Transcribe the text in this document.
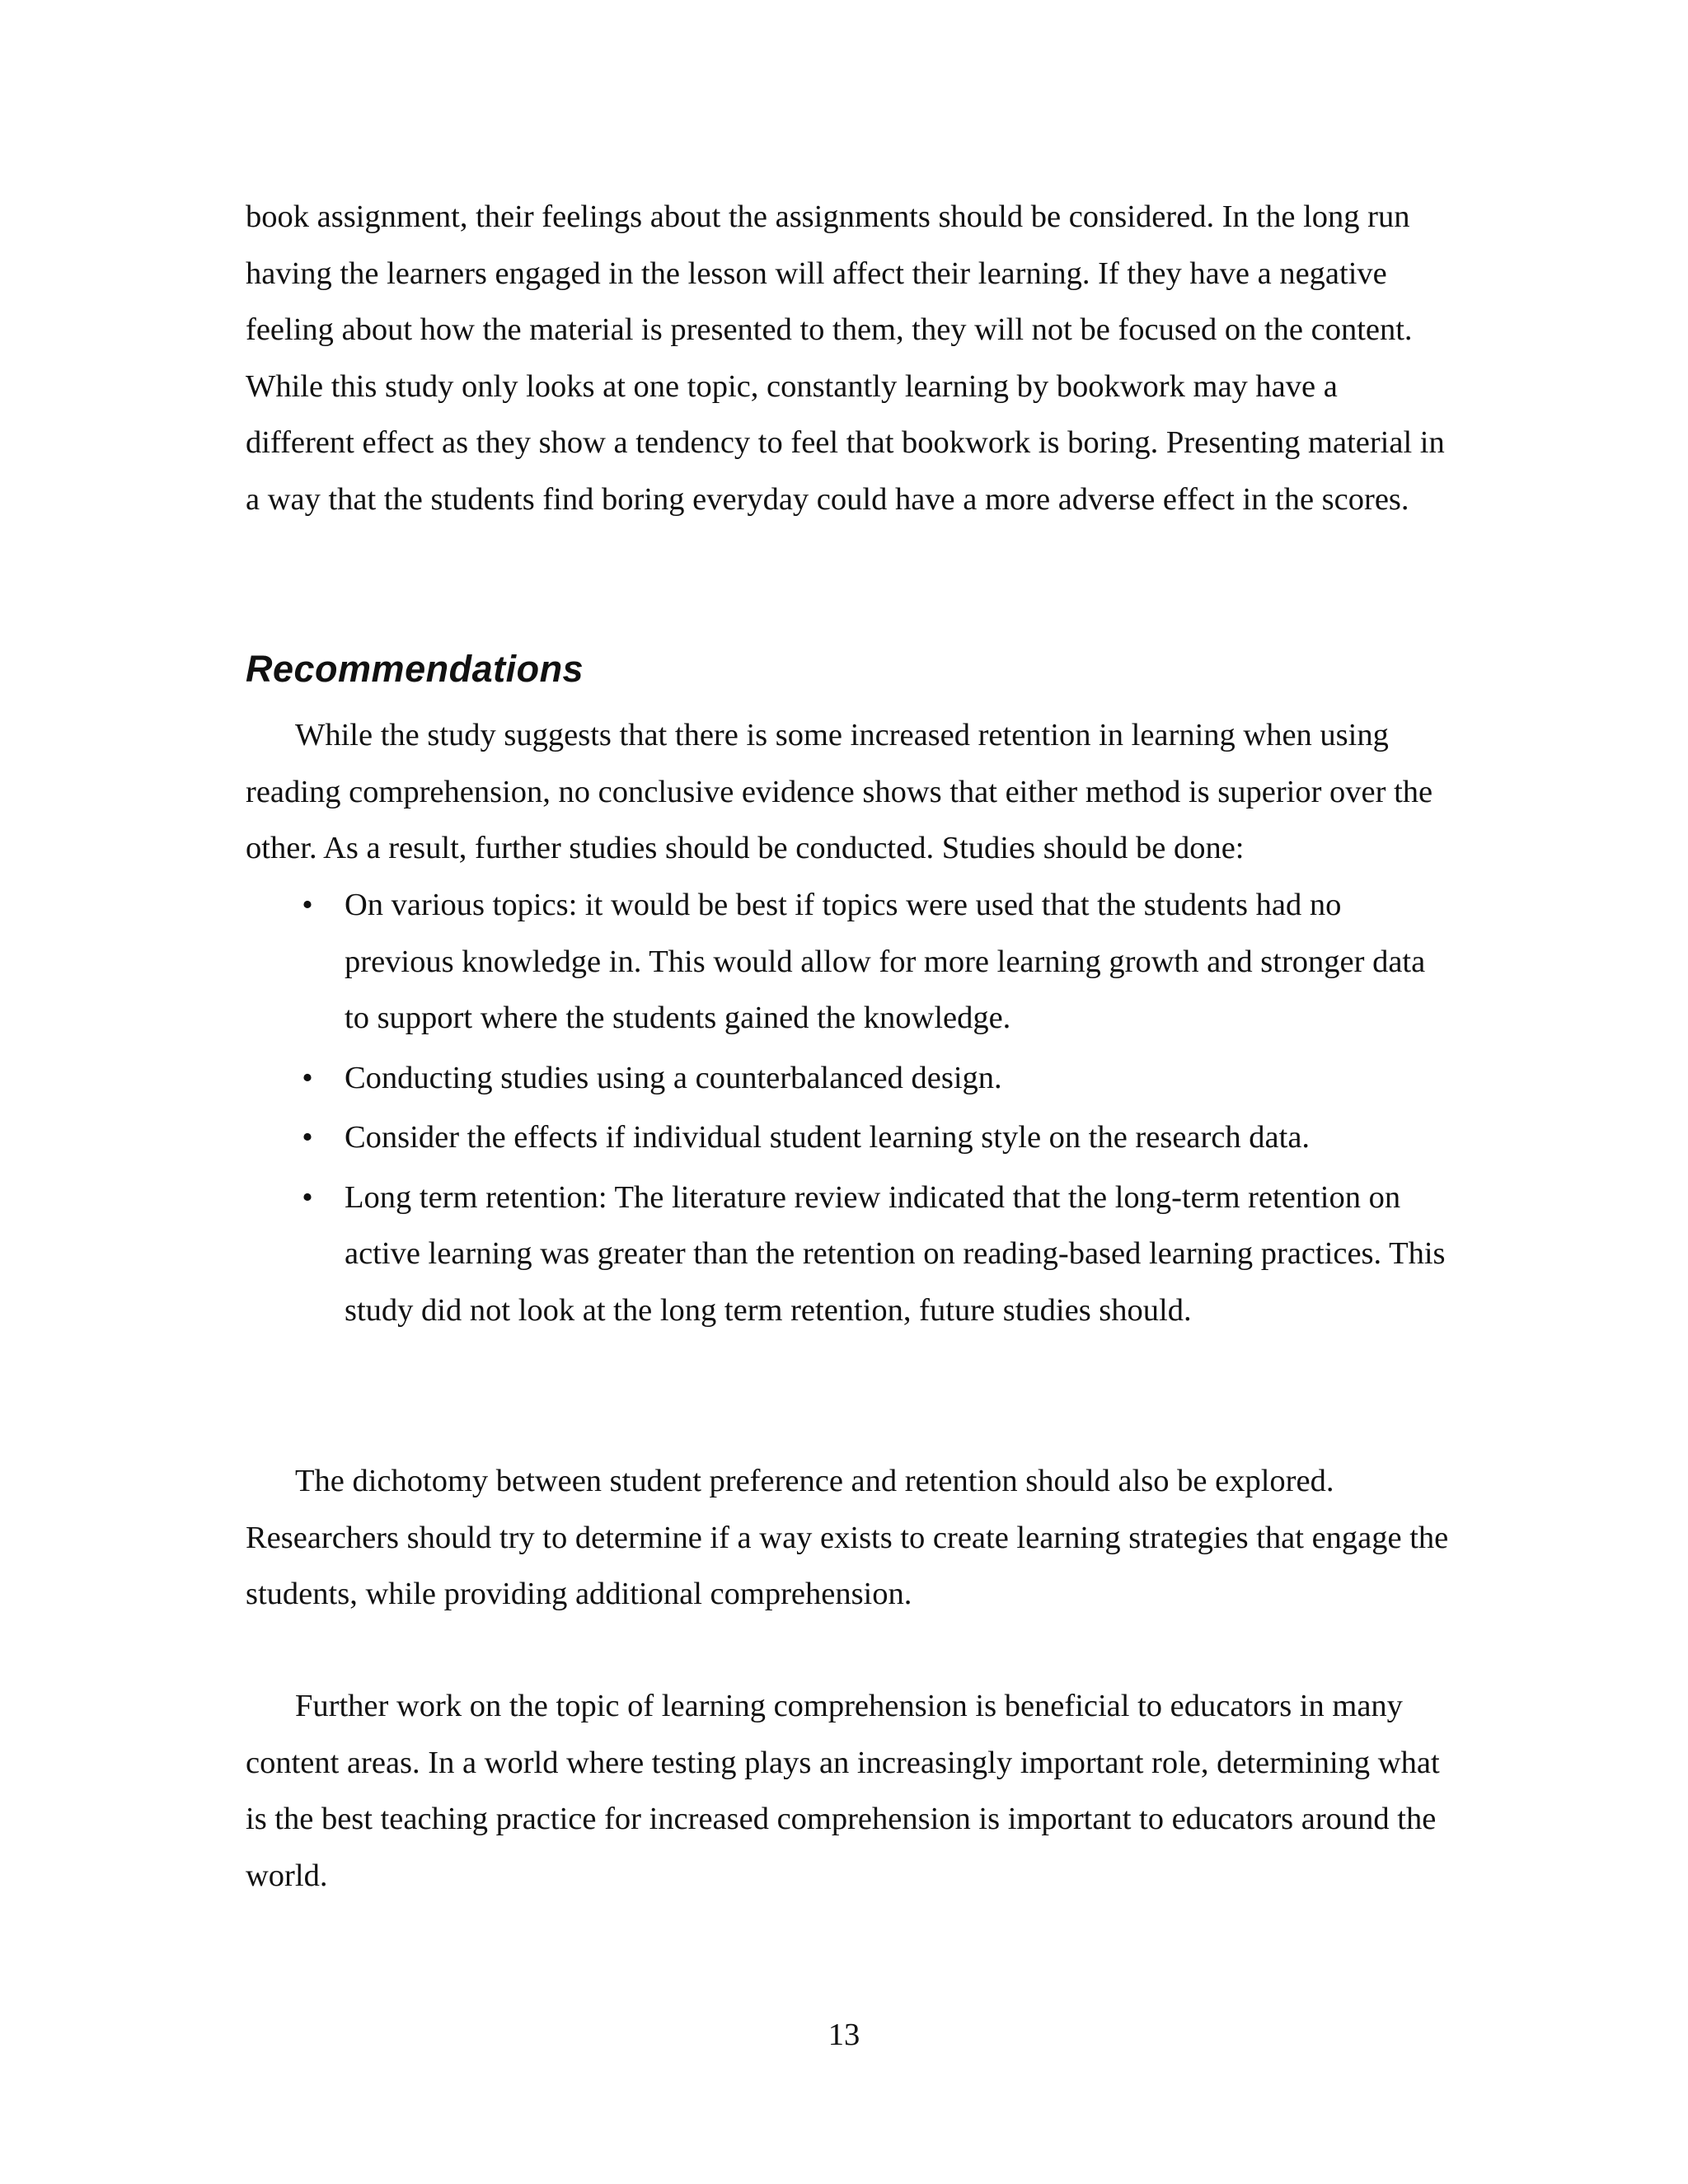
book assignment, their feelings about the assignments should be considered. In the long run having the learners engaged in the lesson will affect their learning. If they have a negative feeling about how the material is presented to them, they will not be focused on the content. While this study only looks at one topic, constantly learning by bookwork may have a different effect as they show a tendency to feel that bookwork is boring. Presenting material in a way that the students find boring everyday could have a more adverse effect in the scores.

Recommendations

While the study suggests that there is some increased retention in learning when using reading comprehension, no conclusive evidence shows that either method is superior over the other. As a result, further studies should be conducted. Studies should be done:

• On various topics: it would be best if topics were used that the students had no previous knowledge in. This would allow for more learning growth and stronger data to support where the students gained the knowledge.
• Conducting studies using a counterbalanced design.
• Consider the effects if individual student learning style on the research data.
• Long term retention: The literature review indicated that the long-term retention on active learning was greater than the retention on reading-based learning practices. This study did not look at the long term retention, future studies should.

The dichotomy between student preference and retention should also be explored. Researchers should try to determine if a way exists to create learning strategies that engage the students, while providing additional comprehension.

Further work on the topic of learning comprehension is beneficial to educators in many content areas. In a world where testing plays an increasingly important role, determining what is the best teaching practice for increased comprehension is important to educators around the world.

13
